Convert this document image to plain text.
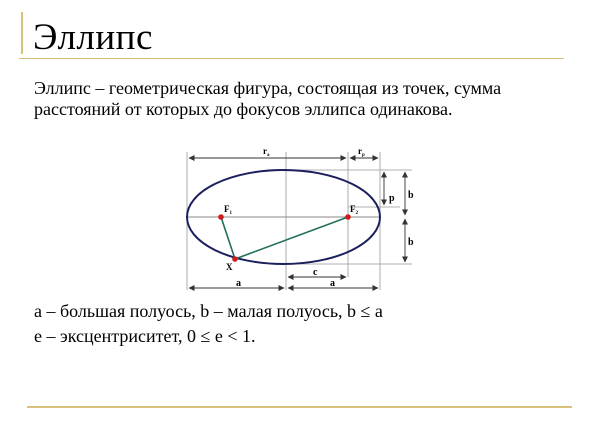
Эллипс

Эллипс – геометрическая фигура, состоящая из точек, сумма расстояний от которых до фокусов эллипса одинакова.

$r_a$	$r_p$
$F_1$	$F_2$
X
p b
b
c
a	a
a – большая полуось, b – малая полуось, b ≤ a
e – эксцентриситет, 0 ≤ e < 1.
